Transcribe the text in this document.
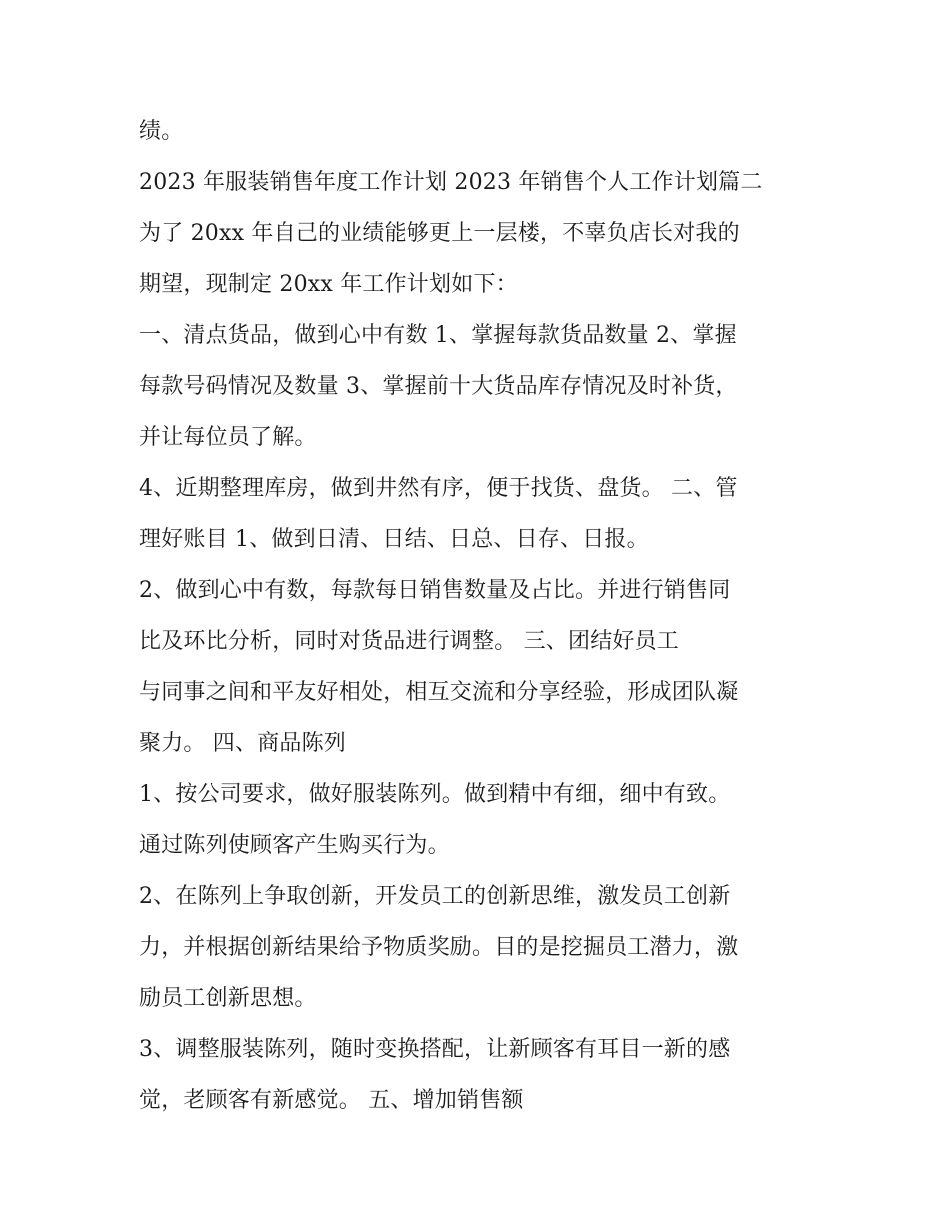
绩。
2023 年服装销售年度工作计划 2023 年销售个人工作计划篇二
为了 20xx 年自己的业绩能够更上一层楼，不辜负店长对我的
期望，现制定 20xx 年工作计划如下：
一、清点货品，做到心中有数 1、掌握每款货品数量 2、掌握
每款号码情况及数量 3、掌握前十大货品库存情况及时补货，
并让每位员了解。
4、近期整理库房，做到井然有序，便于找货、盘货。 二、管
理好账目 1、做到日清、日结、日总、日存、日报。
2、做到心中有数，每款每日销售数量及占比。并进行销售同
比及环比分析，同时对货品进行调整。 三、团结好员工
与同事之间和平友好相处，相互交流和分享经验，形成团队凝
聚力。 四、商品陈列
1、按公司要求，做好服装陈列。做到精中有细，细中有致。
通过陈列使顾客产生购买行为。
2、在陈列上争取创新，开发员工的创新思维，激发员工创新
力，并根据创新结果给予物质奖励。目的是挖掘员工潜力，激
励员工创新思想。
3、调整服装陈列，随时变换搭配，让新顾客有耳目一新的感
觉，老顾客有新感觉。 五、增加销售额
